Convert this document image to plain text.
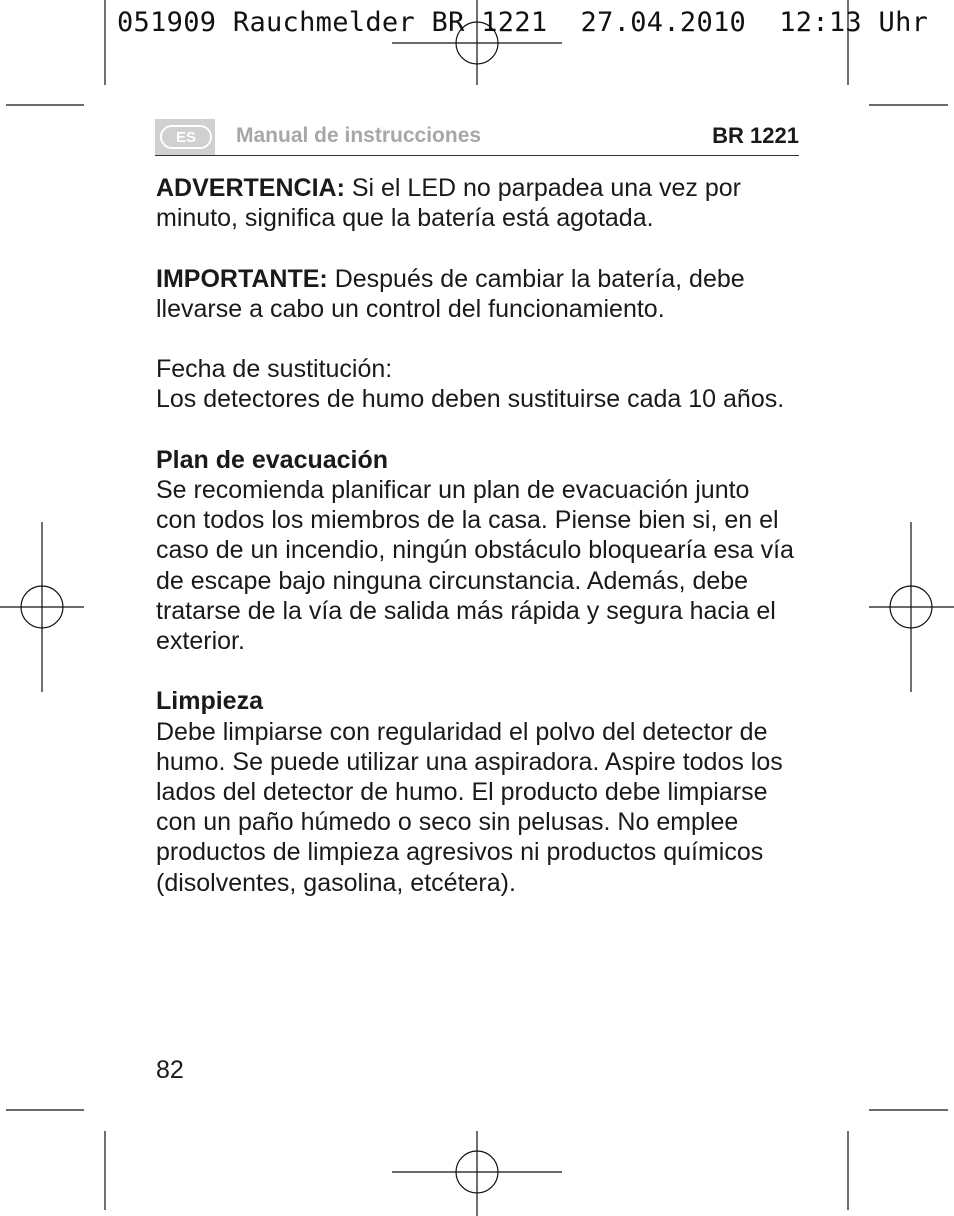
051909 Rauchmelder BR 1221  27.04.2010  12:13 Uhr
ES	Manual de instrucciones	BR 1221

ADVERTENCIA: Si el LED no parpadea una vez por minuto, significa que la batería está agotada.

IMPORTANTE: Después de cambiar la batería, debe llevarse a cabo un control del funcionamiento.

Fecha de sustitución:
Los detectores de humo deben sustituirse cada 10 años.

Plan de evacuación
Se recomienda planificar un plan de evacuación junto con todos los miembros de la casa. Piense bien si, en el caso de un incendio, ningún obstáculo bloquearía esa vía de escape bajo ninguna circunstancia. Además, debe tratarse de la vía de salida más rápida y segura hacia el exterior.

Limpieza
Debe limpiarse con regularidad el polvo del detector de humo. Se puede utilizar una aspiradora. Aspire todos los lados del detector de humo. El producto debe limpiarse con un paño húmedo o seco sin pelusas. No emplee productos de limpieza agresivos ni productos químicos (disolventes, gasolina, etcétera).

82
